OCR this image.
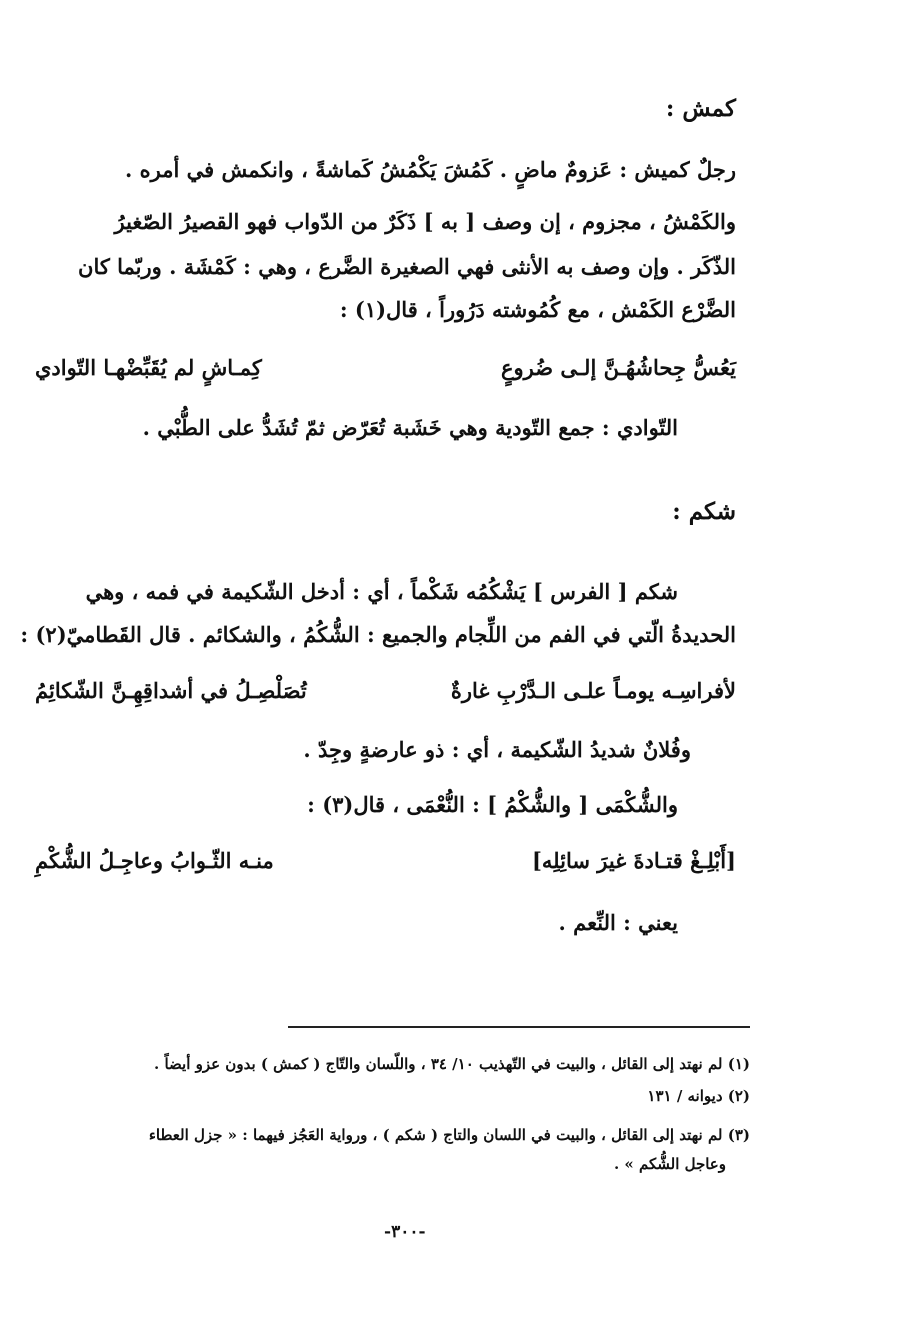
كمش :
رجلٌ كميش : عَزومٌ ماضٍ . كَمُشَ يَكْمُشُ كَماشةً ، وانكمش في أمره .
والكَمْشُ ، مجزوم ، إن وصف [ به ] ذَكَرٌ من الدّواب فهو القصيرُ الصّغيرُ
الذّكَر . وإن وصف به الأنثى فهي الصغيرة الضَّرع ، وهي : كَمْشَة . وربّما كان
الضَّرْع الكَمْش ، مع كُمُوشته دَرُوراً ، قال(١) :
يَعُسُّ جِحاشُهُـنَّ إلـى ضُروعٍ
كِمـاشٍ لم يُقَبِّضْهـا التّوادي
التّوادي : جمع التّودية وهي خَشَبة تُعَرّض ثمّ تُشَدُّ على الطُّبْي .
شكم :
شكم [ الفرس ] يَشْكُمُه شَكْماً ، أي : أدخل الشّكيمة في فمه ، وهي
الحديدةُ الّتي في الفم من اللِّجام والجميع : الشُّكُمُ ، والشكائم . قال القَطاميّ(٢) :
لأفراسِـه يومـاً علـى الـدَّرْبِ غارةٌ
تُصَلْصِـلُ في أشداقِهِـنَّ الشّكائِمُ
وفُلانٌ شديدُ الشّكيمة ، أي : ذو عارضةٍ وجِدّ .
والشُّكْمَى [ والشُّكْمُ ] : النُّعْمَى ، قال(٣) :
[أَبْلِـغْ قتـادةَ غيرَ سائِلِه]
منـه الثّـوابُ وعاجِـلُ الشُّكْمِ
يعني : النِّعم .
(١) لم نهتد إلى القائل ، والبيت في التّهذيب ١٠/ ٣٤ ، واللّسان والتّاج ( كمش ) بدون عزو أيضاً .
(٢) ديوانه / ١٣١
(٣) لم نهتد إلى القائل ، والبيت في اللسان والتاج ( شكم ) ، ورواية العَجُز فيهما : « جزل العطاء
وعاجل الشُّكم » .
-٣٠٠-
